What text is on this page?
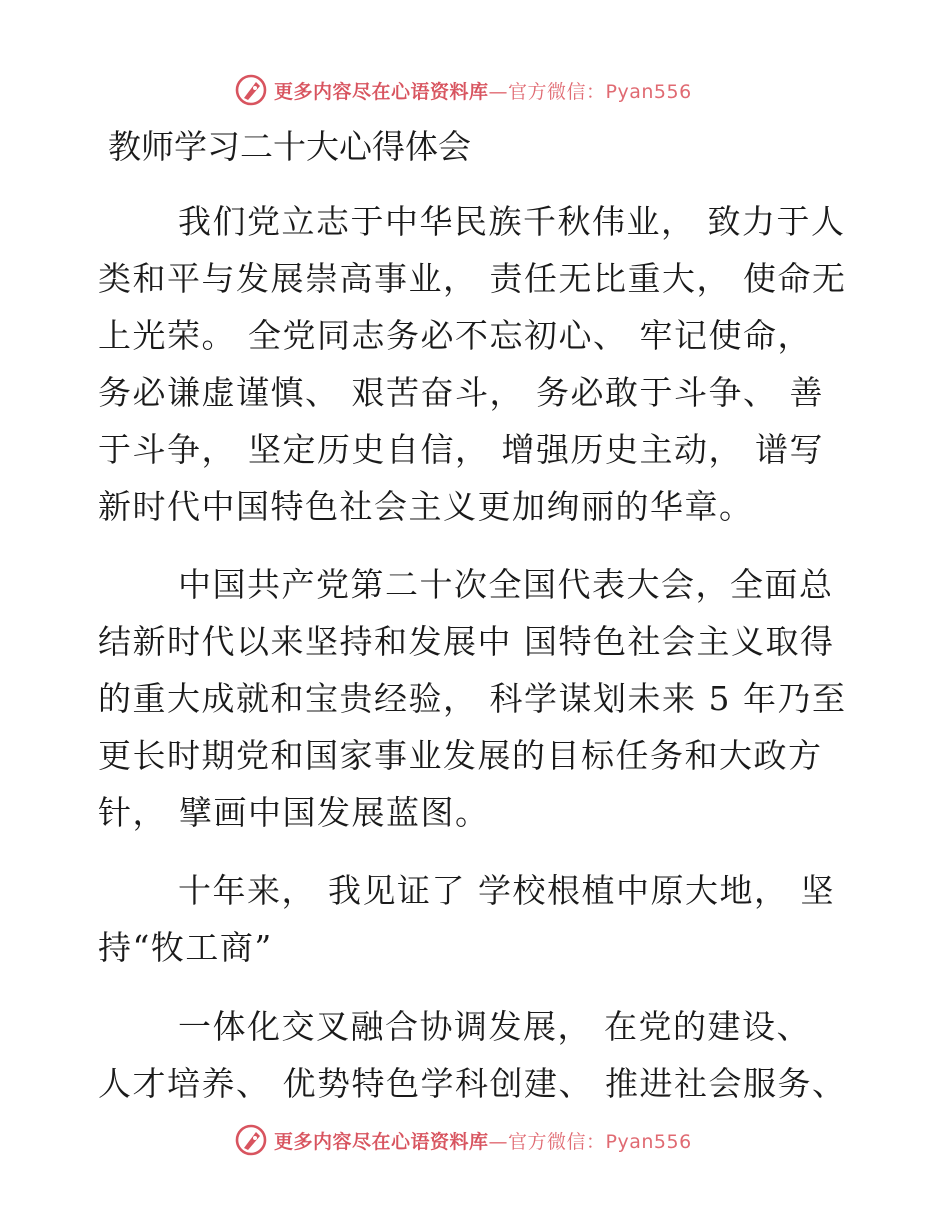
更多内容尽在心语资料库—官方微信：Pyan556
教师学习二十大心得体会
我们党立志于中华民族千秋伟业， 致力于人
类和平与发展崇高事业， 责任无比重大， 使命无
上光荣。 全党同志务必不忘初心、 牢记使命，
务必谦虚谨慎、 艰苦奋斗， 务必敢于斗争、 善
于斗争， 坚定历史自信， 增强历史主动， 谱写
新时代中国特色社会主义更加绚丽的华章。
中国共产党第二十次全国代表大会，全面总
结新时代以来坚持和发展中 国特色社会主义取得
的重大成就和宝贵经验， 科学谋划未来 5 年乃至
更长时期党和国家事业发展的目标任务和大政方
针， 擘画中国发展蓝图。
十年来， 我见证了 学校根植中原大地， 坚
持“牧工商”
一体化交叉融合协调发展， 在党的建设、
人才培养、 优势特色学科创建、 推进社会服务、
更多内容尽在心语资料库—官方微信：Pyan556
